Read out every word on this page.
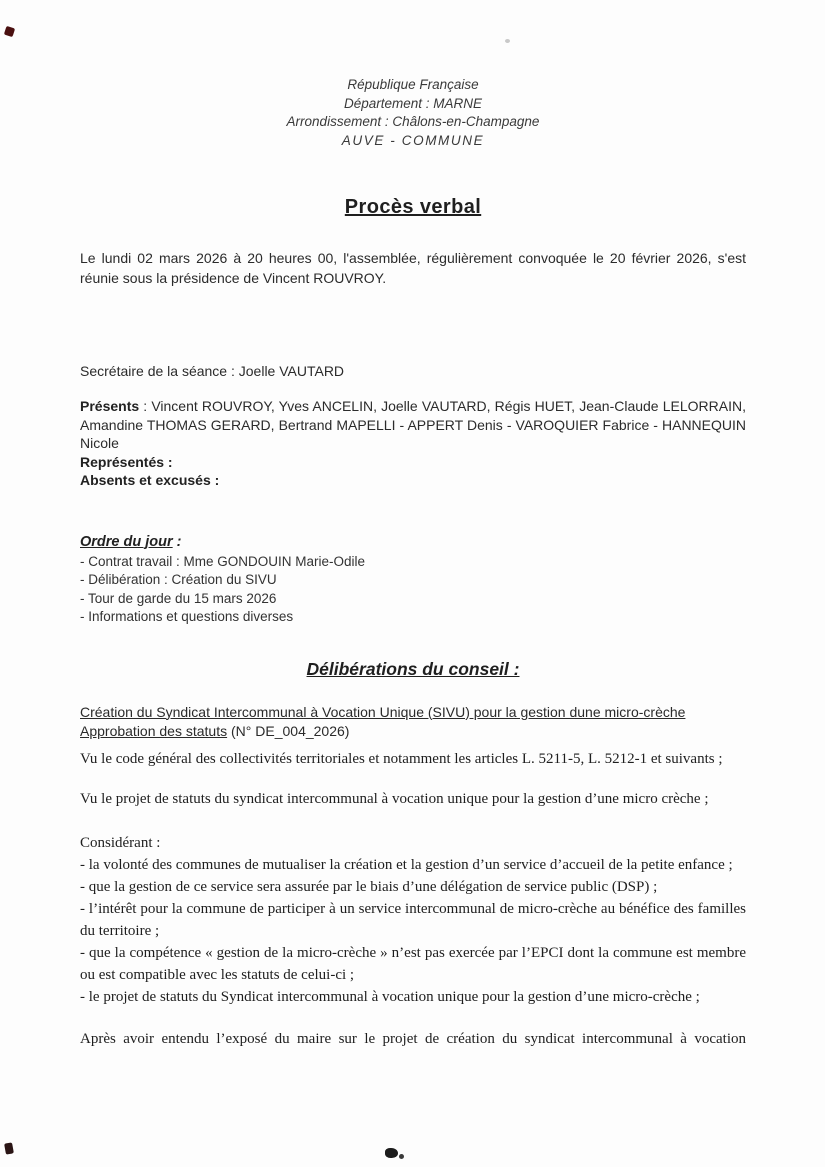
République Française
Département : MARNE
Arrondissement : Châlons-en-Champagne
AUVE - COMMUNE
Procès verbal

Le lundi 02 mars 2026 à 20 heures 00, l'assemblée, régulièrement convoquée le 20 février 2026, s'est réunie sous la présidence de Vincent ROUVROY.

Secrétaire de la séance : Joelle VAUTARD

Présents : Vincent ROUVROY, Yves ANCELIN, Joelle VAUTARD, Régis HUET, Jean-Claude LELORRAIN, Amandine THOMAS GERARD, Bertrand MAPELLI - APPERT Denis - VAROQUIER Fabrice - HANNEQUIN Nicole

Représentés :

Absents et excusés :

Ordre du jour :

- Contrat travail : Mme GONDOUIN Marie-Odile
- Délibération : Création du SIVU
- Tour de garde du 15 mars 2026
- Informations et questions diverses
Délibérations du conseil :

Création du Syndicat Intercommunal à Vocation Unique (SIVU) pour la gestion dune micro-crèche
Approbation des statuts (N° DE_004_2026)

Vu le code général des collectivités territoriales et notamment les articles L. 5211-5, L. 5212-1 et suivants ;

Vu le projet de statuts du syndicat intercommunal à vocation unique pour la gestion d’une micro crèche ;

Considérant :
- la volonté des communes de mutualiser la création et la gestion d’un service d’accueil de la petite enfance ;
- que la gestion de ce service sera assurée par le biais d’une délégation de service public (DSP) ;
- l’intérêt pour la commune de participer à un service intercommunal de micro-crèche au bénéfice des familles du territoire ;
- que la compétence « gestion de la micro-crèche » n’est pas exercée par l’EPCI dont la commune est membre ou est compatible avec les statuts de celui-ci ;
- le projet de statuts du Syndicat intercommunal à vocation unique pour la gestion d’une micro-crèche ;

Après avoir entendu l’exposé du maire sur le projet de création du syndicat intercommunal à vocation
